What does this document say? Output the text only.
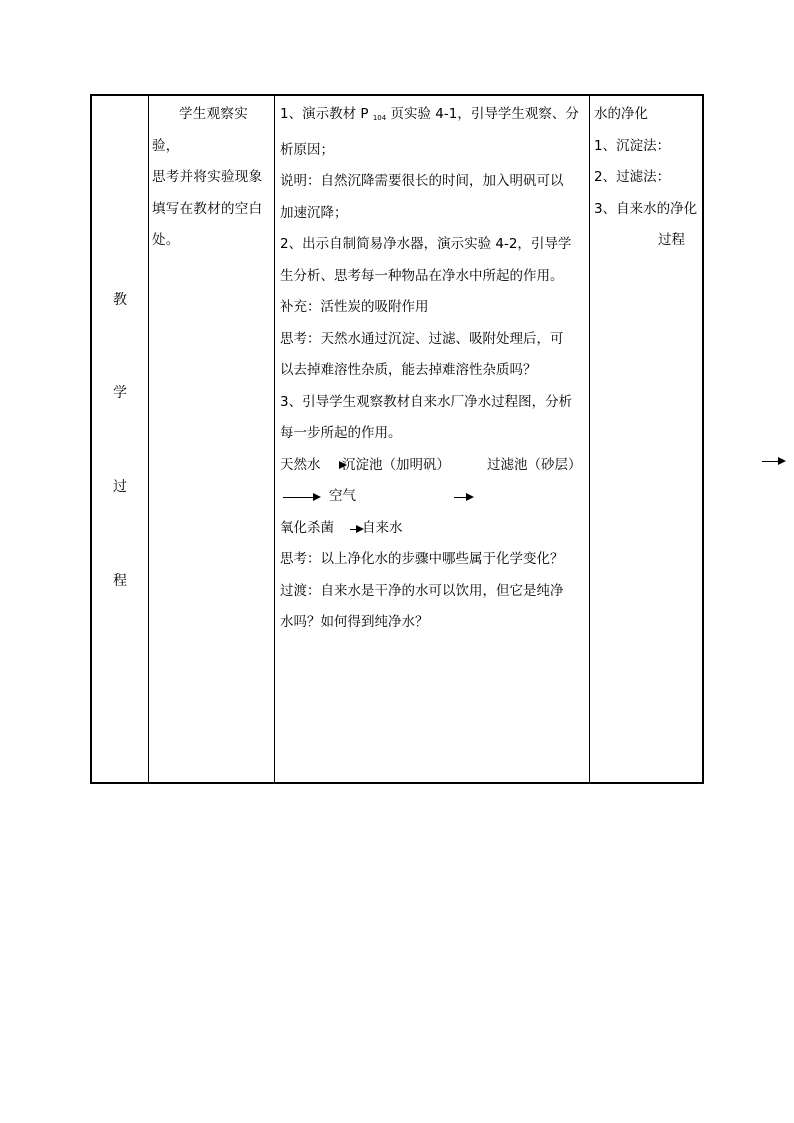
教
学
过
程

学生观察实验，

思考并将实验现象

填写在教材的空白

处。

1、演示教材 P $_{104}$ 页实验 4-1，引导学生观察、分

析原因；

说明：自然沉降需要很长的时间，加入明矾可以

加速沉降；

2、出示自制简易净水器，演示实验 4-2，引导学

生分析、思考每一种物品在净水中所起的作用。

补充：活性炭的吸附作用

思考：天然水通过沉淀、过滤、吸附处理后，可

以去掉难溶性杂质，能去掉难溶性杂质吗？

3、引导学生观察教材自来水厂净水过程图，分析

每一步所起的作用。

天然水 沉淀池（加明矾）	过滤池（砂层）
空气
氧化杀菌 自来水

思考：以上净化水的步骤中哪些属于化学变化？

过渡：自来水是干净的水可以饮用，但它是纯净

水吗？如何得到纯净水？

水的净化

1、沉淀法：

2、过滤法：

3、自来水的净化

过程
